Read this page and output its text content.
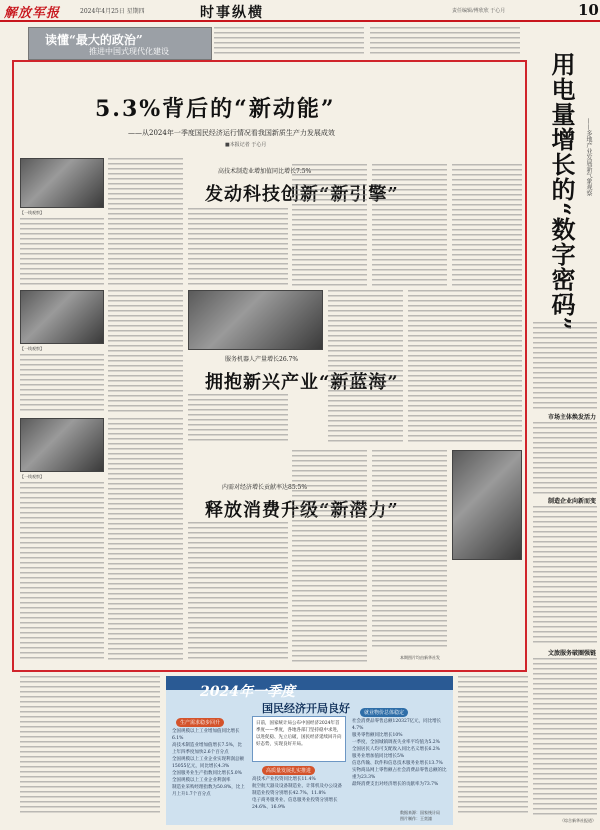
解放军报	2024年4月25日 星期四	时事纵横	责任编辑/傅欣欣 于心月	10
读懂“最大的政治”
推进中国式现代化建设
5.3%背后的“新动能”
——从2024年一季度国民经济运行情况看我国新质生产力发展成效
■本报记者 于心月
【一线观察】
高技术制造业增加值同比增长7.5%
发动科技创新“新引擎”
【一线观察】
服务机器人产量增长26.7%
拥抱新兴产业“新蓝海”
【一线观察】
内需对经济增长贡献率达85.5%
释放消费升级“新潜力”
本期图片均由新华社发
用电量增长的“数字密码”	——多地产业发展新气象观察
市场主体焕发活力
制造企业向新而变
文旅服务破圈强链
（综合新华社报道）
2024年一季度
国民经济开局良好
生产需求稳步回升
全国规模以上工业增加值同比增长6.1%
高技术制造业增加值增长7.5%，比上年四季度加快2.6个百分点
全国规模以上工业企业实现利润总额15055亿元，同比增长4.3%
全国服务业生产指数同比增长5.0%
全国规模以上工业企业利润率
制造业采购经理指数为50.8%，比上月上升1.7个百分点
日前，国家统计局公布中国经济2024年首季度——季度，各地各部门坚持稳中求进，以进促稳、先立后破，国民经济延续回升向好态势，实现良好开局。
高质量发展扎实推进
高技术产业投资同比增长11.4%
航空航天器及设备制造业、计算机及办公设备制造业投资分别增长42.7%、11.8%
电子商务服务业、信息服务业投资分别增长24.6%、16.9%
就业物价总体稳定
社会消费品零售总额120327亿元，同比增长4.7%
服务零售额同比增长10%
一季度，全国城镇调查失业率平均值为5.2%
全国居民人均可支配收入同比名义增长6.2%
服务业增加值同比增长5%
信息传输、软件和信息技术服务业增长13.7%
实物商品网上零售额占社会消费品零售总额的比重为23.3%
最终消费支出对经济增长的贡献率为73.7%
数据来源：国家统计局
图片制作：王奕潼
